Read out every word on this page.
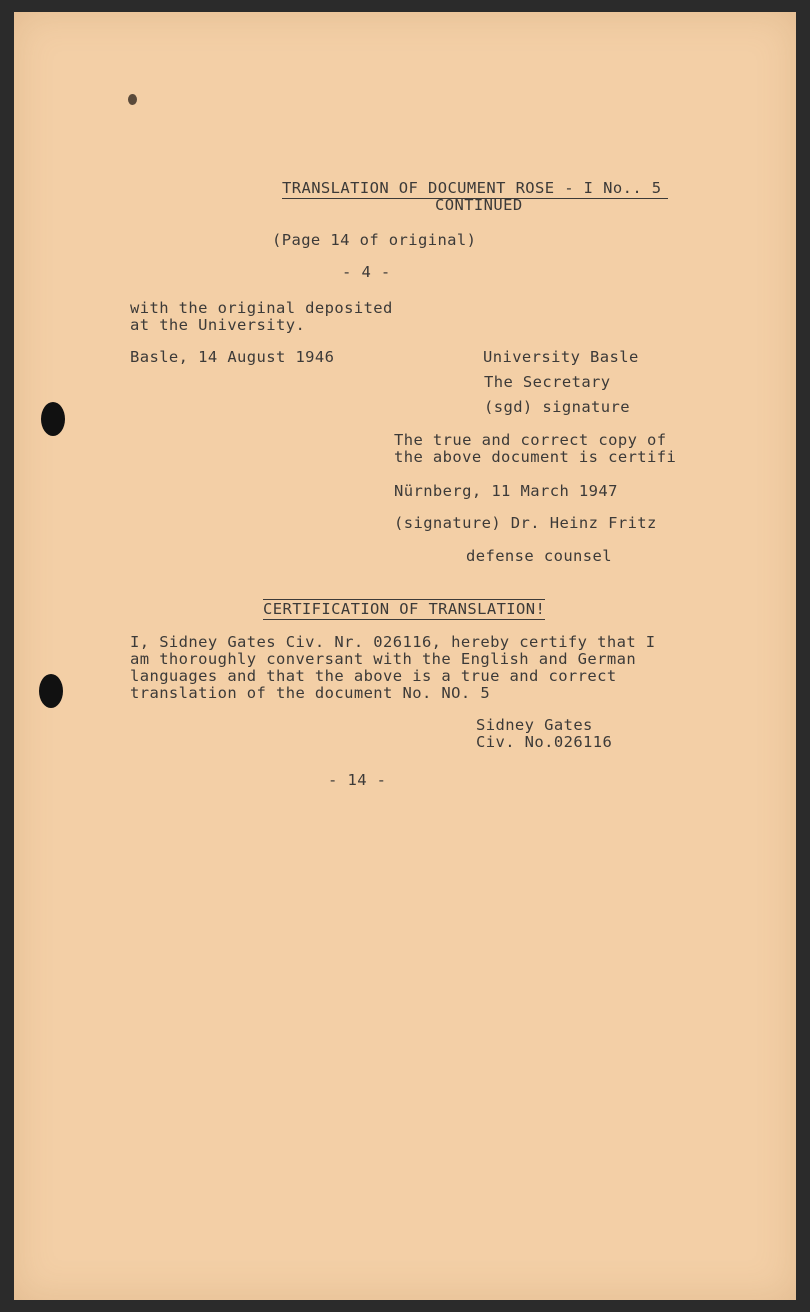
TRANSLATION OF DOCUMENT ROSE - I No.. 5
CONTINUED
(Page 14 of original)
- 4 -
with the original deposited
at the University.
Basle, 14 August 1946	University Basle
The Secretary
(sgd) signature
The true and correct copy of
the above document is certifi
Nürnberg, 11 March 1947
(signature) Dr. Heinz Fritz
defense counsel
CERTIFICATION OF TRANSLATION!
I, Sidney Gates Civ. Nr. 026116, hereby certify that I
am thoroughly conversant with the English and German
languages and that the above is a true and correct
translation of the document No. NO. 5
Sidney Gates
Civ. No.026116
- 14 -
